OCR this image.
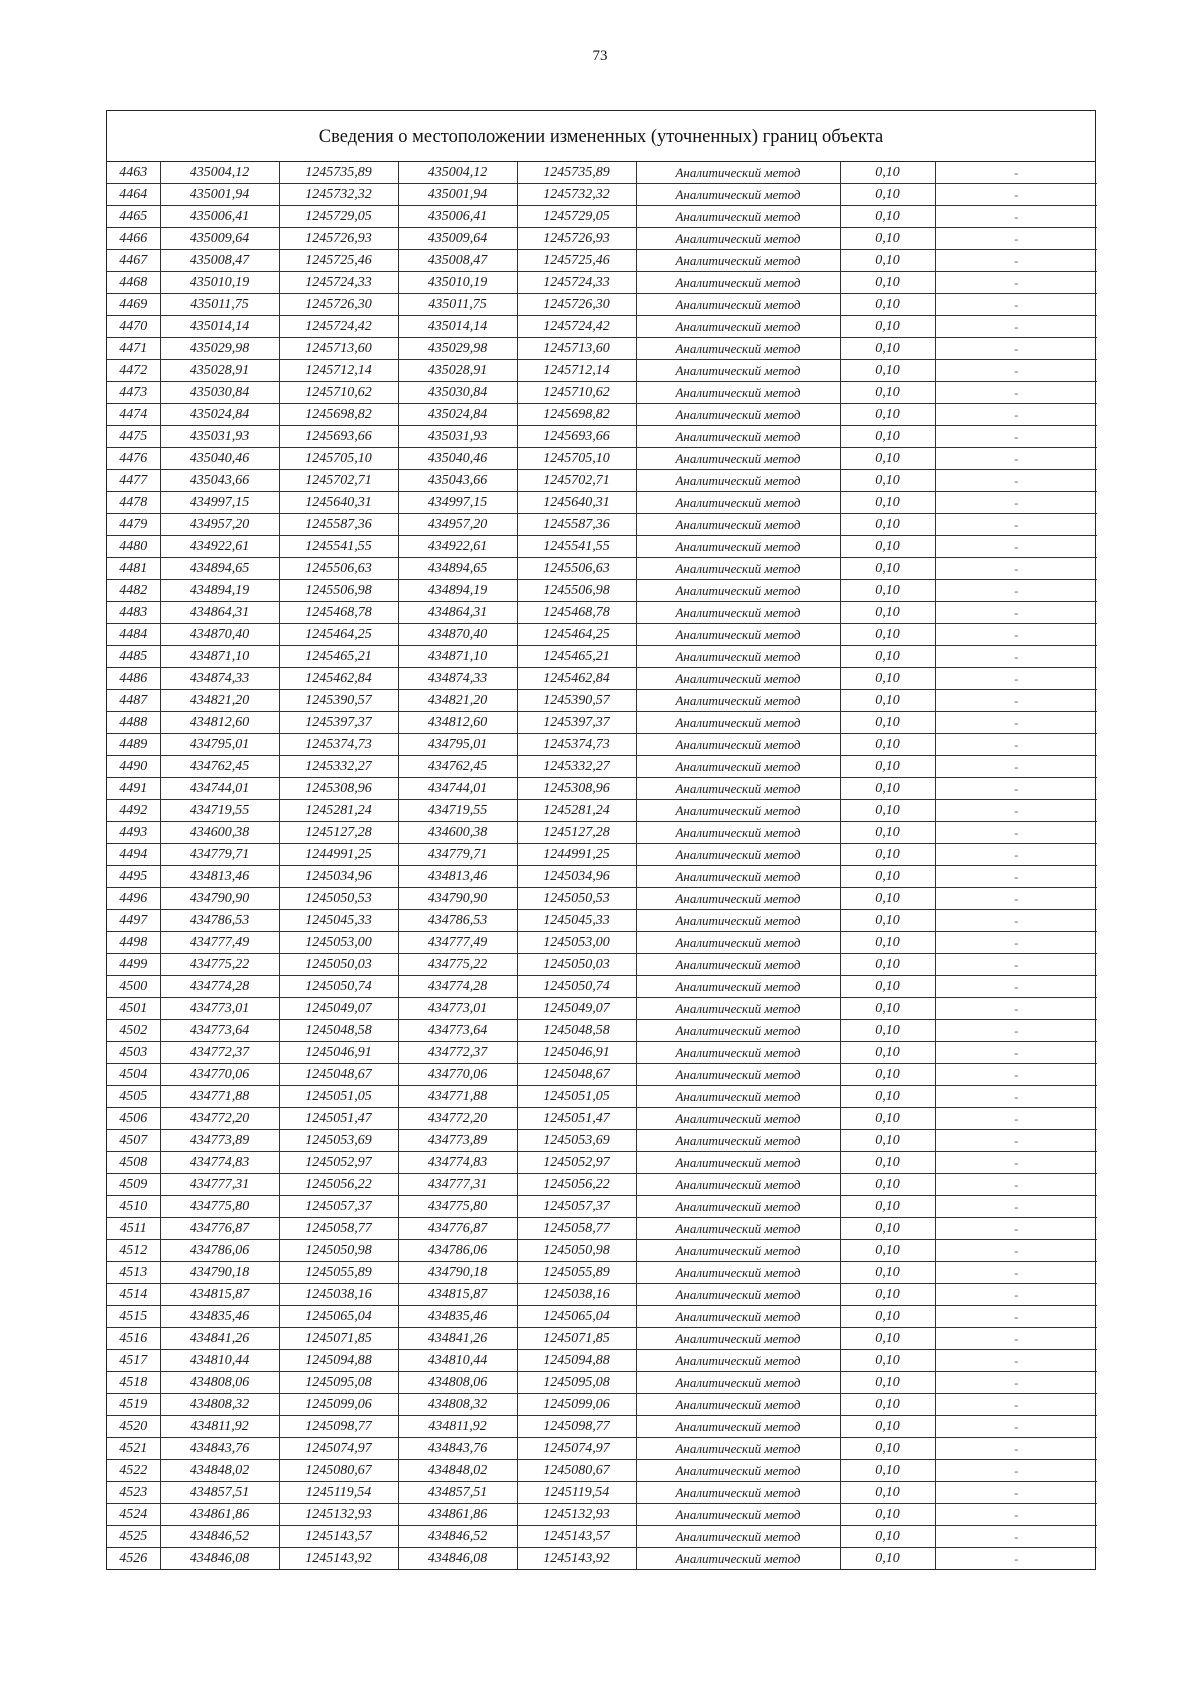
73
Сведения о местоположении измененных (уточненных) границ объекта
4463	435004,12	1245735,89	435004,12	1245735,89	Аналитический метод	0,10	-
4464	435001,94	1245732,32	435001,94	1245732,32	Аналитический метод	0,10	-
4465	435006,41	1245729,05	435006,41	1245729,05	Аналитический метод	0,10	-
4466	435009,64	1245726,93	435009,64	1245726,93	Аналитический метод	0,10	-
4467	435008,47	1245725,46	435008,47	1245725,46	Аналитический метод	0,10	-
4468	435010,19	1245724,33	435010,19	1245724,33	Аналитический метод	0,10	-
4469	435011,75	1245726,30	435011,75	1245726,30	Аналитический метод	0,10	-
4470	435014,14	1245724,42	435014,14	1245724,42	Аналитический метод	0,10	-
4471	435029,98	1245713,60	435029,98	1245713,60	Аналитический метод	0,10	-
4472	435028,91	1245712,14	435028,91	1245712,14	Аналитический метод	0,10	-
4473	435030,84	1245710,62	435030,84	1245710,62	Аналитический метод	0,10	-
4474	435024,84	1245698,82	435024,84	1245698,82	Аналитический метод	0,10	-
4475	435031,93	1245693,66	435031,93	1245693,66	Аналитический метод	0,10	-
4476	435040,46	1245705,10	435040,46	1245705,10	Аналитический метод	0,10	-
4477	435043,66	1245702,71	435043,66	1245702,71	Аналитический метод	0,10	-
4478	434997,15	1245640,31	434997,15	1245640,31	Аналитический метод	0,10	-
4479	434957,20	1245587,36	434957,20	1245587,36	Аналитический метод	0,10	-
4480	434922,61	1245541,55	434922,61	1245541,55	Аналитический метод	0,10	-
4481	434894,65	1245506,63	434894,65	1245506,63	Аналитический метод	0,10	-
4482	434894,19	1245506,98	434894,19	1245506,98	Аналитический метод	0,10	-
4483	434864,31	1245468,78	434864,31	1245468,78	Аналитический метод	0,10	-
4484	434870,40	1245464,25	434870,40	1245464,25	Аналитический метод	0,10	-
4485	434871,10	1245465,21	434871,10	1245465,21	Аналитический метод	0,10	-
4486	434874,33	1245462,84	434874,33	1245462,84	Аналитический метод	0,10	-
4487	434821,20	1245390,57	434821,20	1245390,57	Аналитический метод	0,10	-
4488	434812,60	1245397,37	434812,60	1245397,37	Аналитический метод	0,10	-
4489	434795,01	1245374,73	434795,01	1245374,73	Аналитический метод	0,10	-
4490	434762,45	1245332,27	434762,45	1245332,27	Аналитический метод	0,10	-
4491	434744,01	1245308,96	434744,01	1245308,96	Аналитический метод	0,10	-
4492	434719,55	1245281,24	434719,55	1245281,24	Аналитический метод	0,10	-
4493	434600,38	1245127,28	434600,38	1245127,28	Аналитический метод	0,10	-
4494	434779,71	1244991,25	434779,71	1244991,25	Аналитический метод	0,10	-
4495	434813,46	1245034,96	434813,46	1245034,96	Аналитический метод	0,10	-
4496	434790,90	1245050,53	434790,90	1245050,53	Аналитический метод	0,10	-
4497	434786,53	1245045,33	434786,53	1245045,33	Аналитический метод	0,10	-
4498	434777,49	1245053,00	434777,49	1245053,00	Аналитический метод	0,10	-
4499	434775,22	1245050,03	434775,22	1245050,03	Аналитический метод	0,10	-
4500	434774,28	1245050,74	434774,28	1245050,74	Аналитический метод	0,10	-
4501	434773,01	1245049,07	434773,01	1245049,07	Аналитический метод	0,10	-
4502	434773,64	1245048,58	434773,64	1245048,58	Аналитический метод	0,10	-
4503	434772,37	1245046,91	434772,37	1245046,91	Аналитический метод	0,10	-
4504	434770,06	1245048,67	434770,06	1245048,67	Аналитический метод	0,10	-
4505	434771,88	1245051,05	434771,88	1245051,05	Аналитический метод	0,10	-
4506	434772,20	1245051,47	434772,20	1245051,47	Аналитический метод	0,10	-
4507	434773,89	1245053,69	434773,89	1245053,69	Аналитический метод	0,10	-
4508	434774,83	1245052,97	434774,83	1245052,97	Аналитический метод	0,10	-
4509	434777,31	1245056,22	434777,31	1245056,22	Аналитический метод	0,10	-
4510	434775,80	1245057,37	434775,80	1245057,37	Аналитический метод	0,10	-
4511	434776,87	1245058,77	434776,87	1245058,77	Аналитический метод	0,10	-
4512	434786,06	1245050,98	434786,06	1245050,98	Аналитический метод	0,10	-
4513	434790,18	1245055,89	434790,18	1245055,89	Аналитический метод	0,10	-
4514	434815,87	1245038,16	434815,87	1245038,16	Аналитический метод	0,10	-
4515	434835,46	1245065,04	434835,46	1245065,04	Аналитический метод	0,10	-
4516	434841,26	1245071,85	434841,26	1245071,85	Аналитический метод	0,10	-
4517	434810,44	1245094,88	434810,44	1245094,88	Аналитический метод	0,10	-
4518	434808,06	1245095,08	434808,06	1245095,08	Аналитический метод	0,10	-
4519	434808,32	1245099,06	434808,32	1245099,06	Аналитический метод	0,10	-
4520	434811,92	1245098,77	434811,92	1245098,77	Аналитический метод	0,10	-
4521	434843,76	1245074,97	434843,76	1245074,97	Аналитический метод	0,10	-
4522	434848,02	1245080,67	434848,02	1245080,67	Аналитический метод	0,10	-
4523	434857,51	1245119,54	434857,51	1245119,54	Аналитический метод	0,10	-
4524	434861,86	1245132,93	434861,86	1245132,93	Аналитический метод	0,10	-
4525	434846,52	1245143,57	434846,52	1245143,57	Аналитический метод	0,10	-
4526	434846,08	1245143,92	434846,08	1245143,92	Аналитический метод	0,10	-
